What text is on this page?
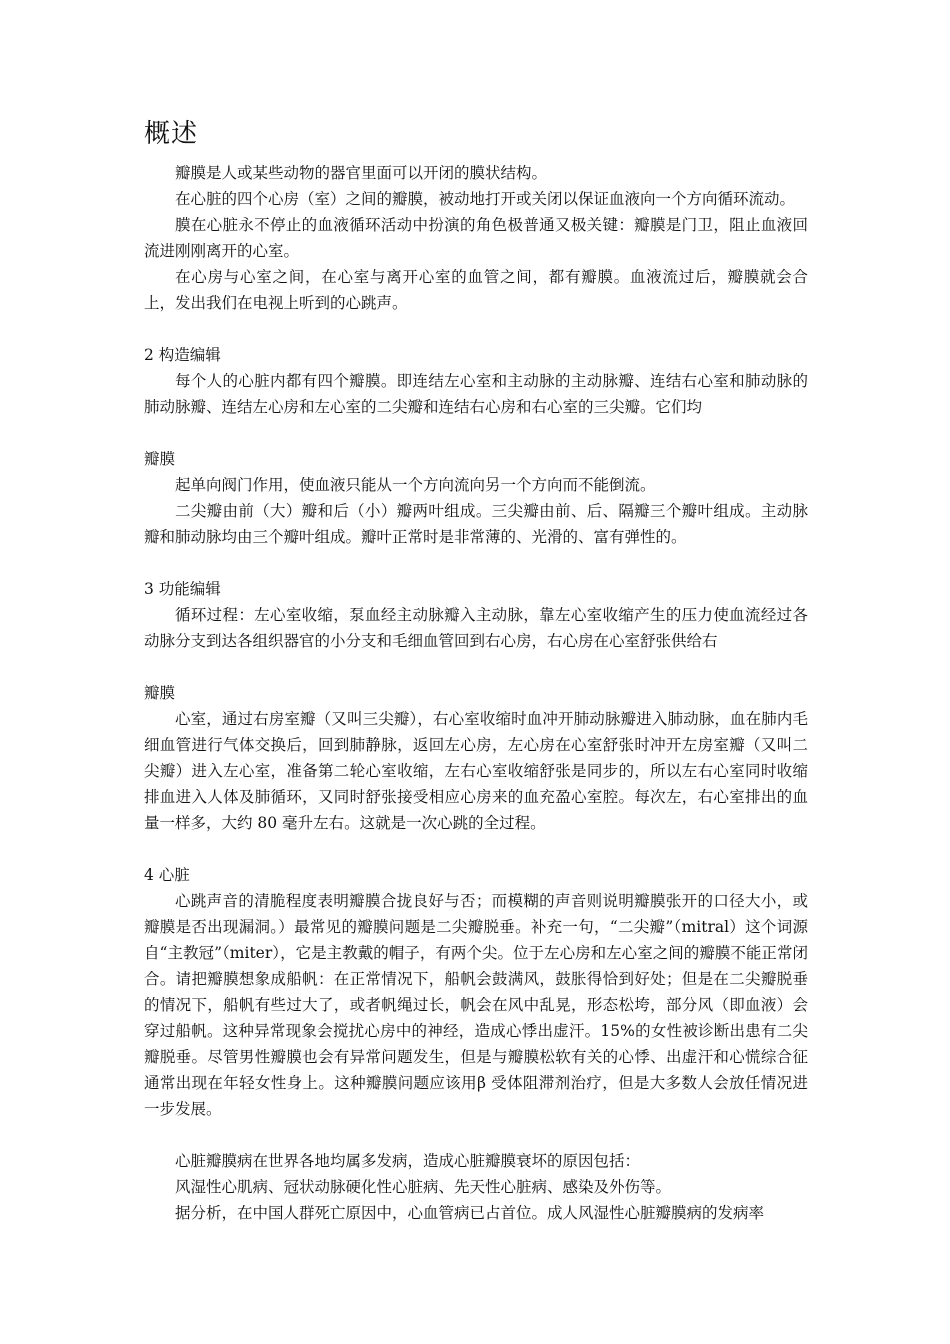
概述

瓣膜是人或某些动物的器官里面可以开闭的膜状结构。

在心脏的四个心房（室）之间的瓣膜，被动地打开或关闭以保证血液向一个方向循环流动。

膜在心脏永不停止的血液循环活动中扮演的角色极普通又极关键：瓣膜是门卫，阻止血液回流进刚刚离开的心室。

在心房与心室之间，在心室与离开心室的血管之间，都有瓣膜。血液流过后，瓣膜就会合上，发出我们在电视上听到的心跳声。

2 构造编辑

每个人的心脏内都有四个瓣膜。即连结左心室和主动脉的主动脉瓣、连结右心室和肺动脉的肺动脉瓣、连结左心房和左心室的二尖瓣和连结右心房和右心室的三尖瓣。它们均

瓣膜

起单向阀门作用，使血液只能从一个方向流向另一个方向而不能倒流。

二尖瓣由前（大）瓣和后（小）瓣两叶组成。三尖瓣由前、后、隔瓣三个瓣叶组成。主动脉瓣和肺动脉均由三个瓣叶组成。瓣叶正常时是非常薄的、光滑的、富有弹性的。

3 功能编辑

循环过程：左心室收缩，泵血经主动脉瓣入主动脉，靠左心室收缩产生的压力使血流经过各动脉分支到达各组织器官的小分支和毛细血管回到右心房，右心房在心室舒张供给右

瓣膜

心室，通过右房室瓣（又叫三尖瓣），右心室收缩时血冲开肺动脉瓣进入肺动脉，血在肺内毛细血管进行气体交换后，回到肺静脉，返回左心房，左心房在心室舒张时冲开左房室瓣（又叫二尖瓣）进入左心室，准备第二轮心室收缩，左右心室收缩舒张是同步的，所以左右心室同时收缩排血进入人体及肺循环，又同时舒张接受相应心房来的血充盈心室腔。每次左，右心室排出的血量一样多，大约 80 毫升左右。这就是一次心跳的全过程。

4 心脏

心跳声音的清脆程度表明瓣膜合拢良好与否；而模糊的声音则说明瓣膜张开的口径大小，或瓣膜是否出现漏洞。）最常见的瓣膜问题是二尖瓣脱垂。补充一句，“二尖瓣”（mitral）这个词源自“主教冠”（miter），它是主教戴的帽子，有两个尖。位于左心房和左心室之间的瓣膜不能正常闭合。请把瓣膜想象成船帆：在正常情况下，船帆会鼓满风，鼓胀得恰到好处；但是在二尖瓣脱垂的情况下，船帆有些过大了，或者帆绳过长，帆会在风中乱晃，形态松垮，部分风（即血液）会穿过船帆。这种异常现象会搅扰心房中的神经，造成心悸出虚汗。15%的女性被诊断出患有二尖瓣脱垂。尽管男性瓣膜也会有异常问题发生，但是与瓣膜松软有关的心悸、出虚汗和心慌综合征通常出现在年轻女性身上。这种瓣膜问题应该用β 受体阻滞剂治疗，但是大多数人会放任情况进一步发展。

心脏瓣膜病在世界各地均属多发病，造成心脏瓣膜衰坏的原因包括：

风湿性心肌病、冠状动脉硬化性心脏病、先天性心脏病、感染及外伤等。

据分析，在中国人群死亡原因中，心血管病已占首位。成人风湿性心脏瓣膜病的发病率
